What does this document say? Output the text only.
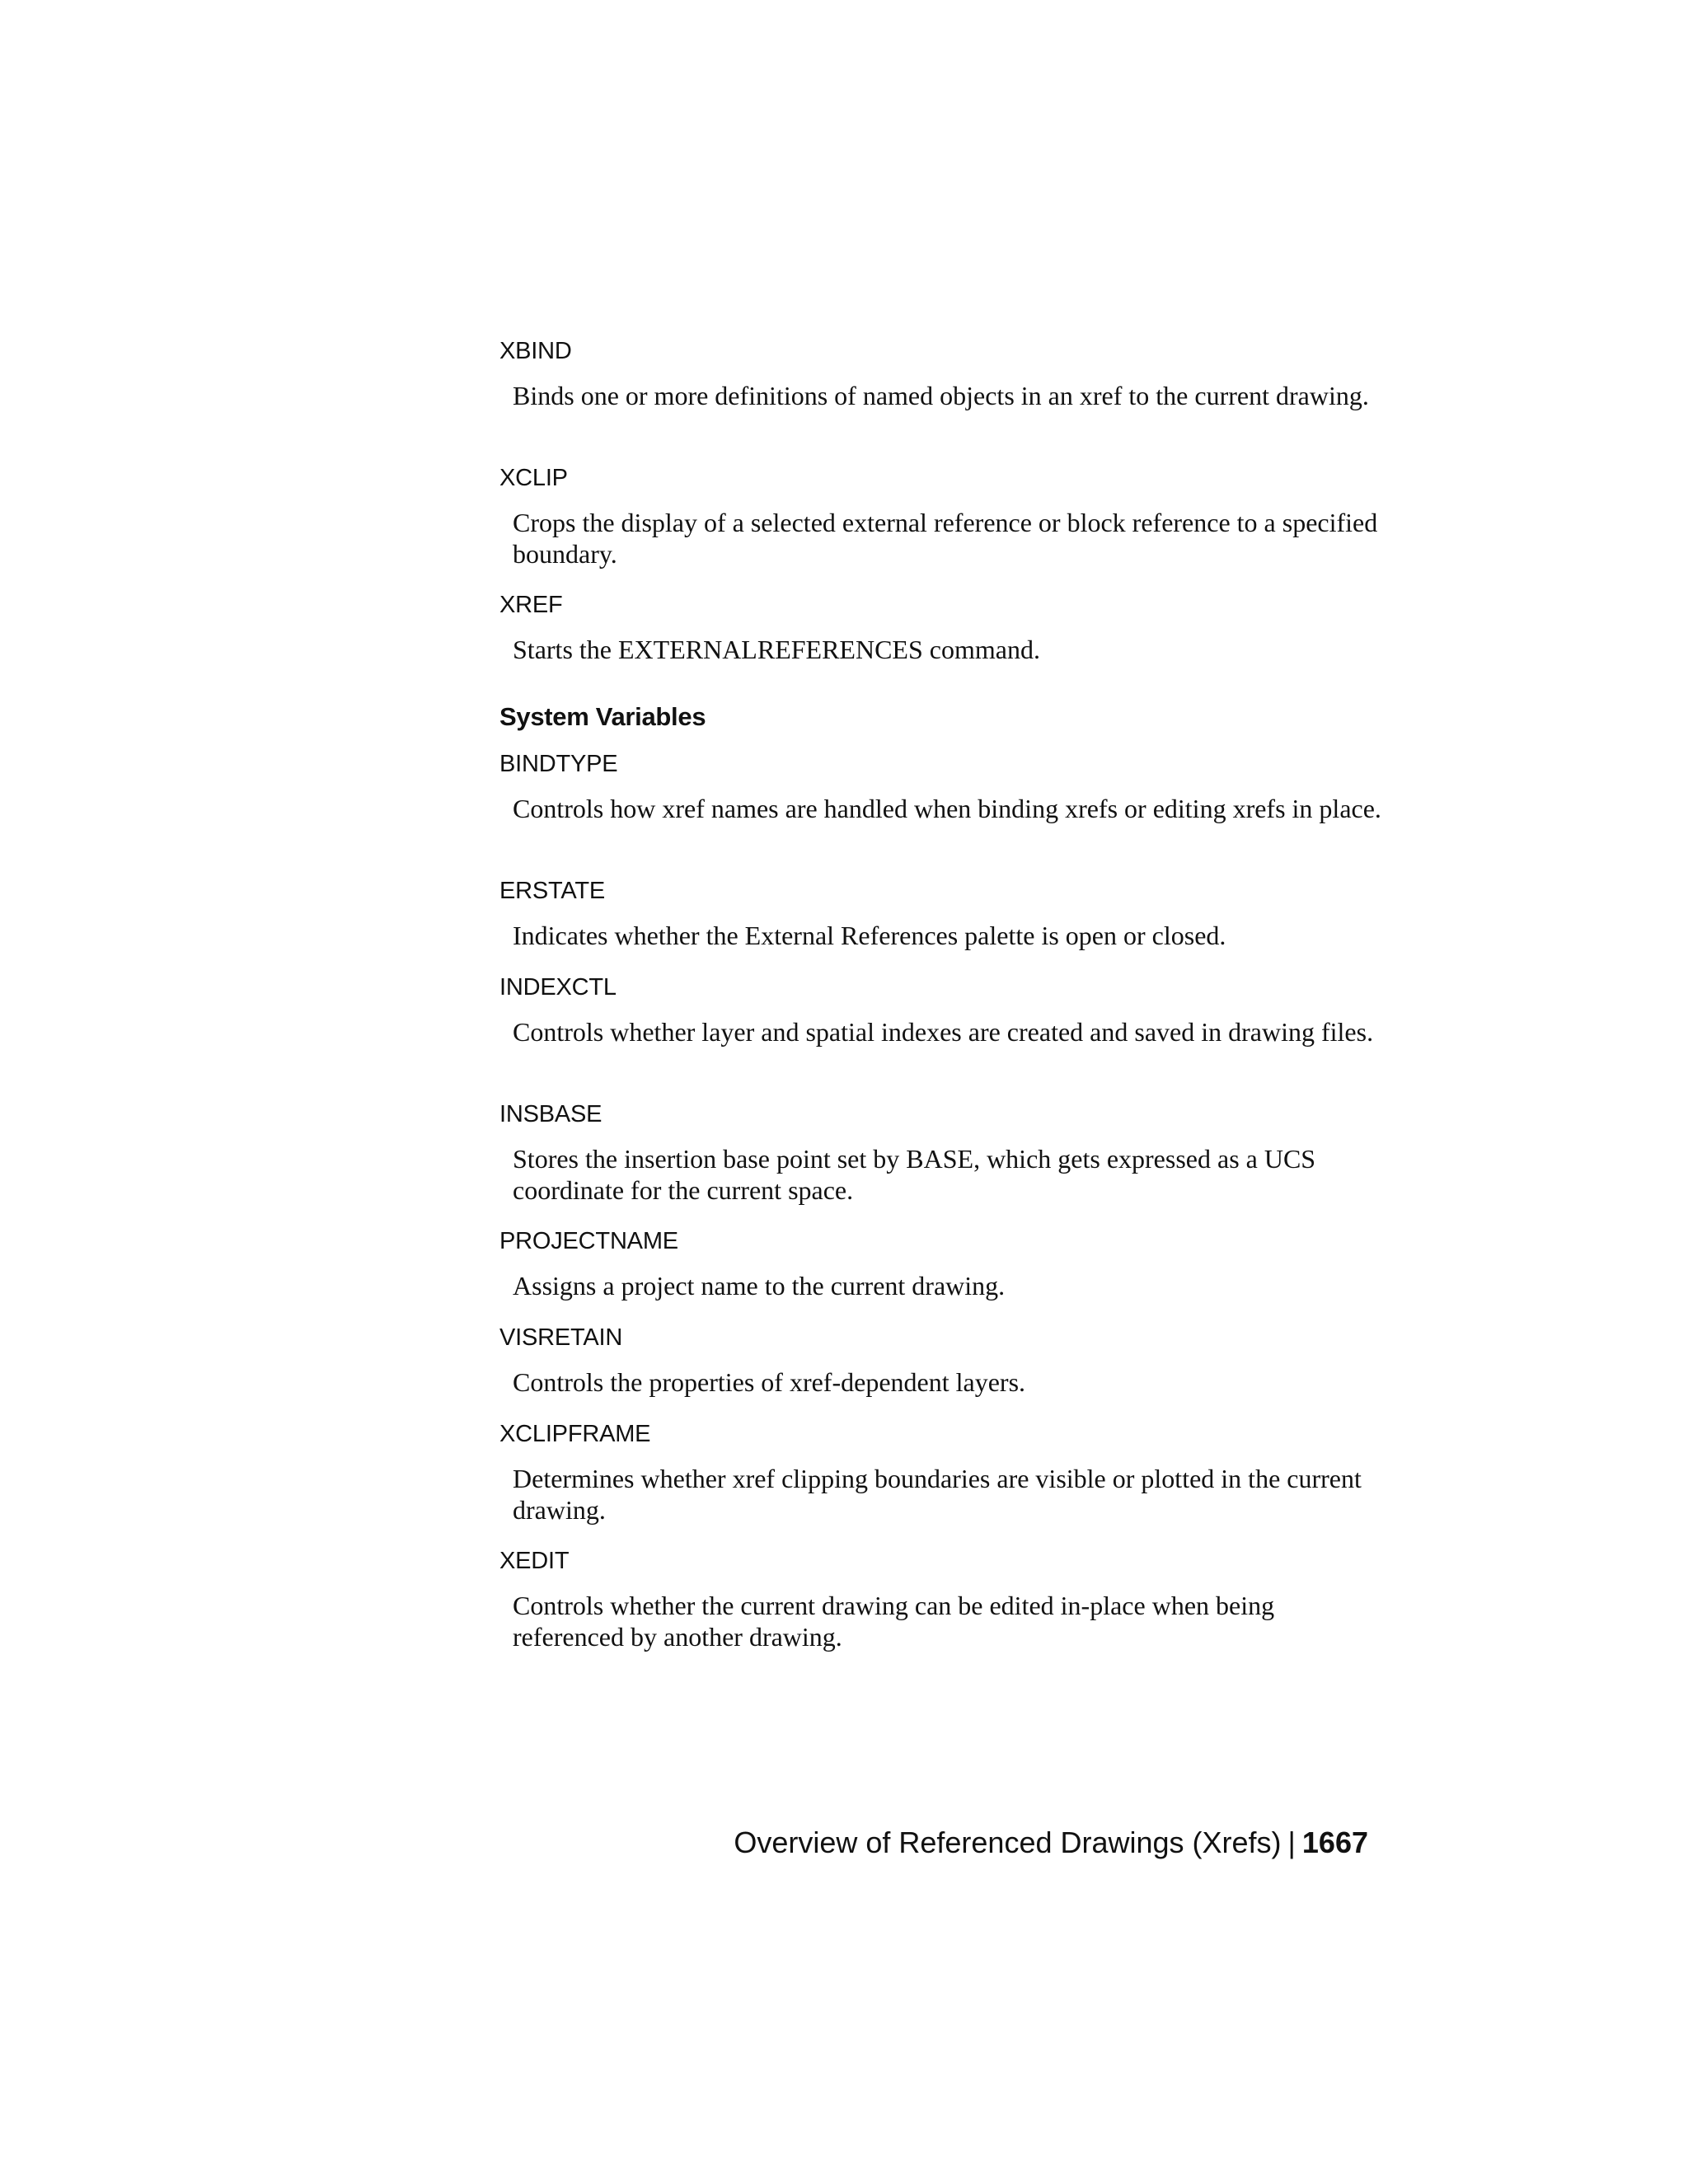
XBIND

Binds one or more definitions of named objects in an xref to the current drawing.

XCLIP

Crops the display of a selected external reference or block reference to a specified boundary.

XREF

Starts the EXTERNALREFERENCES command.

System Variables

BINDTYPE

Controls how xref names are handled when binding xrefs or editing xrefs in place.

ERSTATE

Indicates whether the External References palette is open or closed.

INDEXCTL

Controls whether layer and spatial indexes are created and saved in drawing files.

INSBASE

Stores the insertion base point set by BASE, which gets expressed as a UCS coordinate for the current space.

PROJECTNAME

Assigns a project name to the current drawing.

VISRETAIN

Controls the properties of xref-dependent layers.

XCLIPFRAME

Determines whether xref clipping boundaries are visible or plotted in the current drawing.

XEDIT

Controls whether the current drawing can be edited in-place when being referenced by another drawing.

Overview of Referenced Drawings (Xrefs) | 1667
